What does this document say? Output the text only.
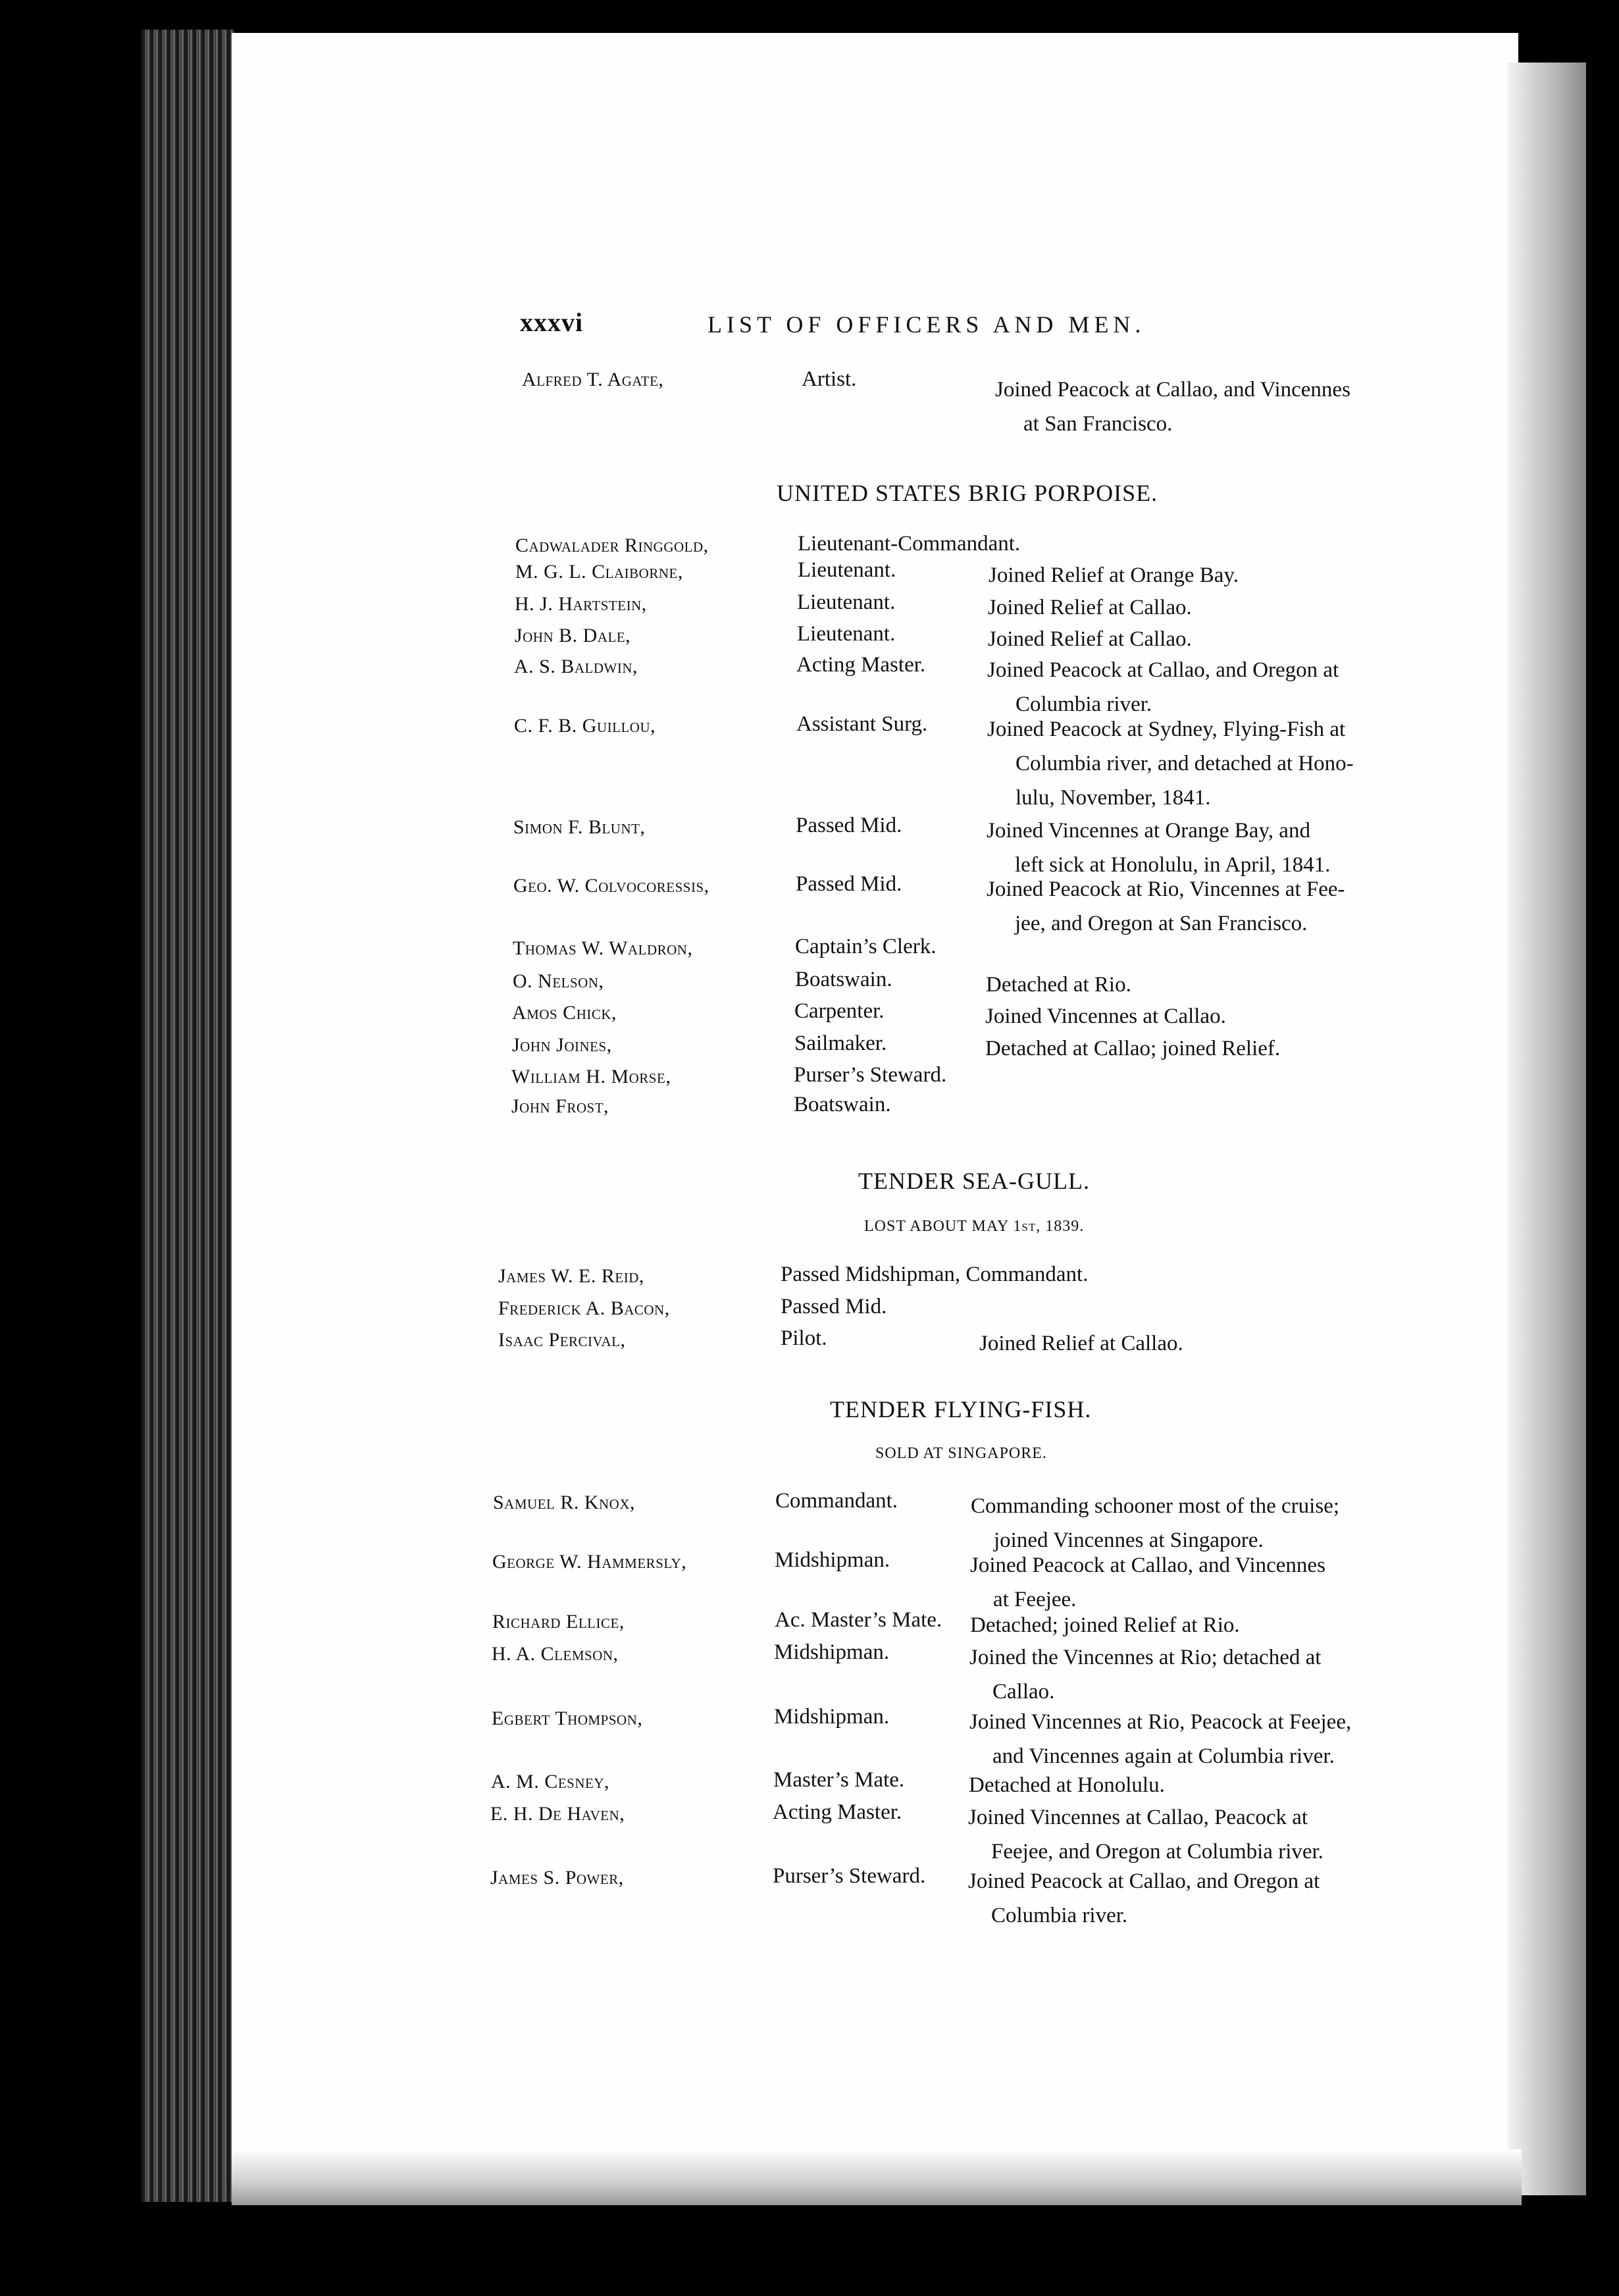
xxxvi	LIST OF OFFICERS AND MEN.
Alfred T. Agate,	Artist.	Joined Peacock at Callao, and Vincennes
at San Francisco.
UNITED STATES BRIG PORPOISE.
Cadwalader Ringgold,	Lieutenant-Commandant.
M. G. L. Claiborne,	Lieutenant.	Joined Relief at Orange Bay.
H. J. Hartstein,	Lieutenant.	Joined Relief at Callao.
John B. Dale,	Lieutenant.	Joined Relief at Callao.
A. S. Baldwin,	Acting Master.	Joined Peacock at Callao, and Oregon at
Columbia river.
C. F. B. Guillou,	Assistant Surg.	Joined Peacock at Sydney, Flying-Fish at
Columbia river, and detached at Hono-
lulu, November, 1841.
Simon F. Blunt,	Passed Mid.	Joined Vincennes at Orange Bay, and
left sick at Honolulu, in April, 1841.
Geo. W. Colvocoressis,	Passed Mid.	Joined Peacock at Rio, Vincennes at Fee-
jee, and Oregon at San Francisco.
Thomas W. Waldron,	Captain’s Clerk.
O. Nelson,	Boatswain.	Detached at Rio.
Amos Chick,	Carpenter.	Joined Vincennes at Callao.
John Joines,	Sailmaker.	Detached at Callao; joined Relief.
William H. Morse,	Purser’s Steward.
John Frost,	Boatswain.
TENDER SEA-GULL.
LOST ABOUT MAY 1st, 1839.
James W. E. Reid,	Passed Midshipman, Commandant.
Frederick A. Bacon,	Passed Mid.
Isaac Percival,	Pilot.	Joined Relief at Callao.
TENDER FLYING-FISH.
SOLD AT SINGAPORE.
Samuel R. Knox,	Commandant.	Commanding schooner most of the cruise;
joined Vincennes at Singapore.
George W. Hammersly,	Midshipman.	Joined Peacock at Callao, and Vincennes
at Feejee.
Richard Ellice,	Ac. Master’s Mate. Detached; joined Relief at Rio.
H. A. Clemson,	Midshipman.	Joined the Vincennes at Rio; detached at
Callao.
Egbert Thompson,	Midshipman.	Joined Vincennes at Rio, Peacock at Feejee,
and Vincennes again at Columbia river.
A. M. Cesney,	Master’s Mate.	Detached at Honolulu.
E. H. De Haven,	Acting Master.	Joined Vincennes at Callao, Peacock at
Feejee, and Oregon at Columbia river.
James S. Power,	Purser’s Steward. Joined Peacock at Callao, and Oregon at
Columbia river.
